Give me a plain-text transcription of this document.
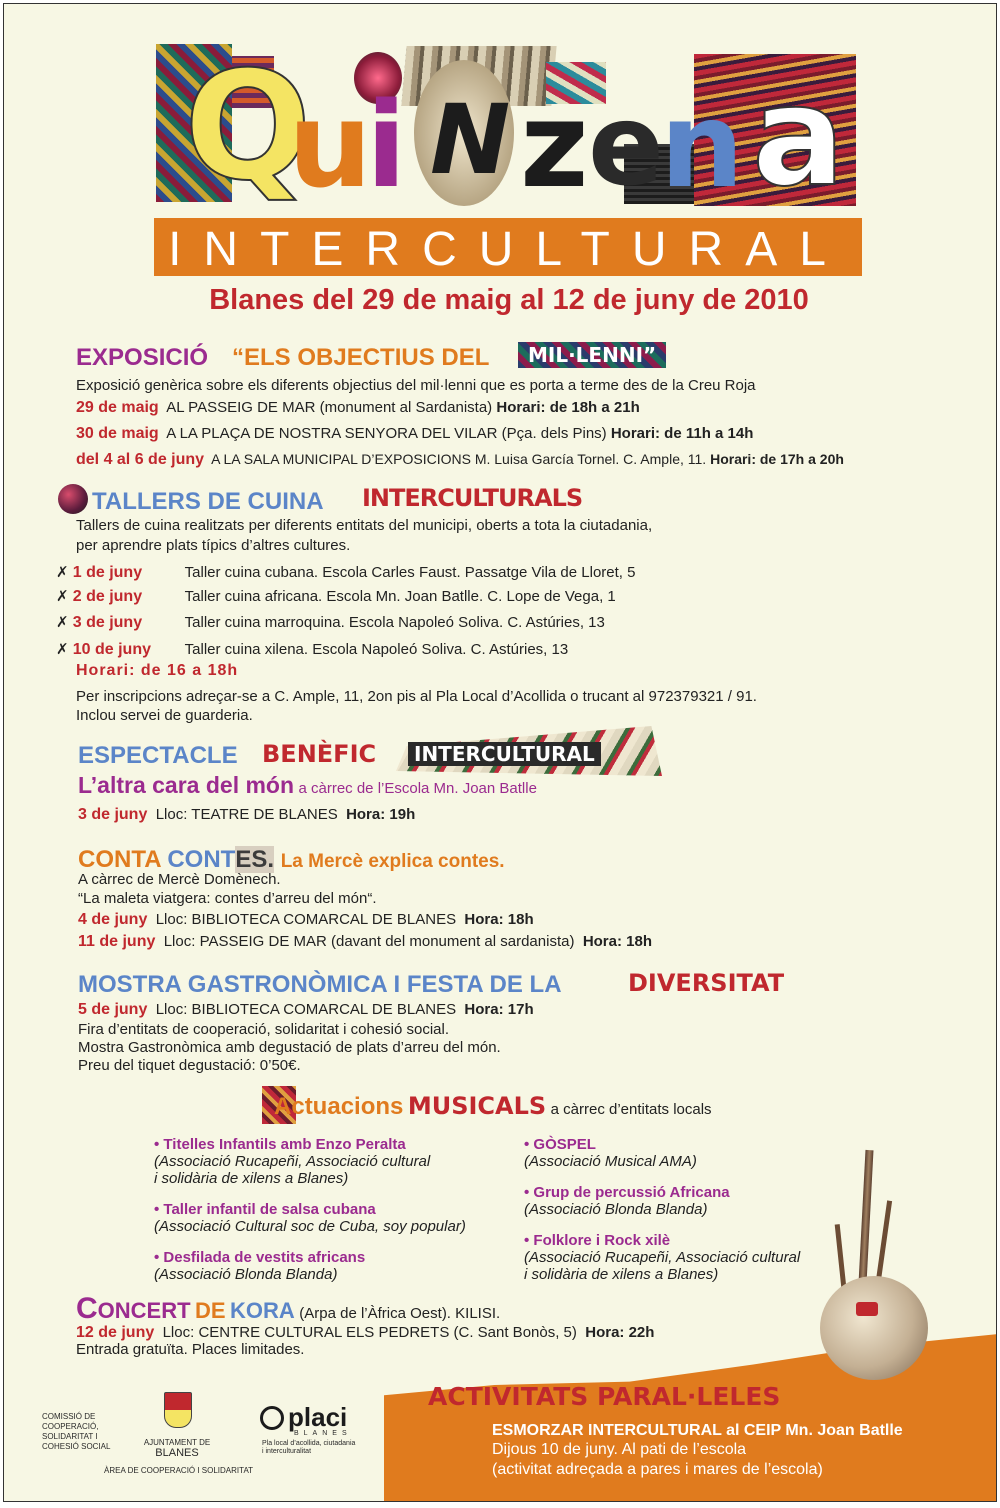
Q
u
i N z e
n a
INTERCULTURAL
Blanes del 29 de maig al 12 de juny de 2010
EXPOSICIÓ “ELS OBJECTIUS DEL	MIL·LENNI”
Exposició genèrica sobre els diferents objectius del mil·lenni que es porta a terme des de la Creu Roja
29 de maig AL PASSEIG DE MAR (monument al Sardanista) Horari: de 18h a 21h
30 de maig A LA PLAÇA DE NOSTRA SENYORA DEL VILAR (Pça. dels Pins) Horari: de 11h a 14h
del 4 al 6 de juny A LA SALA MUNICIPAL D’EXPOSICIONS M. Luisa García Tornel. C. Ample, 11. Horari: de 17h a 20h
TALLERS DE CUINA INTERCULTURALS
Tallers de cuina realitzats per diferents entitats del municipi, oberts a tota la ciutadania,
per aprendre plats típics d’altres cultures.
✗ 1 de juny	Taller cuina cubana. Escola Carles Faust. Passatge Vila de Lloret, 5
✗ 2 de juny	Taller cuina africana. Escola Mn. Joan Batlle. C. Lope de Vega, 1
✗ 3 de juny	Taller cuina marroquina. Escola Napoleó Soliva. C. Astúries, 13
✗ 10 de juny Taller cuina xilena. Escola Napoleó Soliva. C. Astúries, 13
Horari: de 16 a 18h
Per inscripcions adreçar-se a C. Ample, 11, 2on pis al Pla Local d’Acollida o trucant al 972379321 / 91.
Inclou servei de guarderia.
ESPECTACLE BENÈFIC	INTERCULTURAL
L’altra cara del món a càrrec de l’Escola Mn. Joan Batlle
3 de juny Lloc: TEATRE DE BLANES Hora: 19h
CONTA CONTES. La Mercè explica contes.
A càrrec de Mercè Domènech.
“La maleta viatgera: contes d’arreu del món“.
4 de juny Lloc: BIBLIOTECA COMARCAL DE BLANES Hora: 18h
11 de juny Lloc: PASSEIG DE MAR (davant del monument al sardanista) Hora: 18h
MOSTRA GASTRONÒMICA I FESTA DE LA	DIVERSITAT
5 de juny Lloc: BIBLIOTECA COMARCAL DE BLANES Hora: 17h
Fira d’entitats de cooperació, solidaritat i cohesió social.
Mostra Gastronòmica amb degustació de plats d’arreu del món.
Preu del tiquet degustació: 0’50€.
Actuacions MUSICALS a càrrec d’entitats locals
• Titelles Infantils amb Enzo Peralta
(Associació Rucapeñi, Associació cultural
i solidària de xilens a Blanes)
• Taller infantil de salsa cubana
(Associació Cultural soc de Cuba, soy popular)
• Desfilada de vestits africans
(Associació Blonda Blanda)
• GÒSPEL
(Associació Musical AMA)
• Grup de percussió Africana
(Associació Blonda Blanda)
• Folklore i Rock xilè
(Associació Rucapeñi, Associació cultural
i solidària de xilens a Blanes)
CONCERT DE KORA (Arpa de l’Àfrica Oest). KILISI.
12 de juny Lloc: CENTRE CULTURAL ELS PEDRETS (C. Sant Bonòs, 5) Hora: 22h
Entrada gratuïta. Places limitades.
ACTIVITATS PARAL·LELES
ESMORZAR INTERCULTURAL al CEIP Mn. Joan Batlle
Dijous 10 de juny. Al pati de l’escola
(activitat adreçada a pares i mares de l’escola)
COMISSIÓ DE
COOPERACIÓ,
SOLIDARITAT I
COHESIÓ SOCIAL	AJUNTAMENT DE
BLANES
ÀREA DE COOPERACIÓ I SOLIDARITAT
placi
BLANES
Pla local d’acollida, ciutadania
i interculturalitat
